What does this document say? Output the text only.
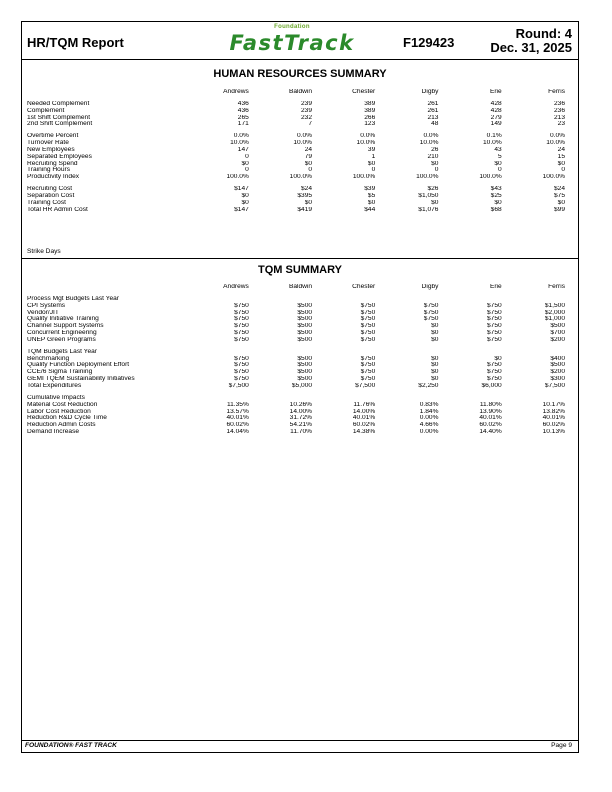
HR/TQM Report
Foundation
FastTrack	F129423
Round: 4
Dec. 31, 2025
HUMAN RESOURCES SUMMARY
	Andrews	Baldwin	Chester	Digby	Erie	Ferris

Needed Complement	436	239	389	261	428	236
Complement	436	239	389	261	428	236
1st Shift Complement	265	232	266	213	279	213
2nd Shift Complement	171	7	123	48	149	23

Overtime Percent	0.0%	0.0%	0.0%	0.0%	0.1%	0.0%
Turnover Rate	10.0%	10.0%	10.0%	10.0%	10.0%	10.0%
New Employees	147	24	39	26	43	24
Separated Employees	0	79	1	210	5	15
Recruiting Spend	$0	$0	$0	$0	$0	$0
Training Hours	0	0	0	0	0	0
Productivity Index	100.0%	100.0%	100.0%	100.0%	100.0%	100.0%

Recruiting Cost	$147	$24	$39	$26	$43	$24
Separation Cost	$0	$395	$5	$1,050	$25	$75
Training Cost	$0	$0	$0	$0	$0	$0
Total HR Admin Cost	$147	$419	$44	$1,076	$68	$99
Strike Days
TQM SUMMARY
	Andrews	Baldwin	Chester	Digby	Erie	Ferris

Process Mgt Budgets Last Year						
CPI Systems	$750	$500	$750	$750	$750	$1,500
Vendor/JIT	$750	$500	$750	$750	$750	$2,000
Quality Initiative Training	$750	$500	$750	$750	$750	$1,000
Channel Support Systems	$750	$500	$750	$0	$750	$500
Concurrent Engineering	$750	$500	$750	$0	$750	$700
UNEP Green Programs	$750	$500	$750	$0	$750	$200

TQM Budgets Last Year						
Benchmarking	$750	$500	$750	$0	$0	$400
Quality Function Deployment Effort	$750	$500	$750	$0	$750	$500
CCE/6 Sigma Training	$750	$500	$750	$0	$750	$200
GEMI TQEM Sustainability Initiatives	$750	$500	$750	$0	$750	$300
Total Expenditures	$7,500	$5,000	$7,500	$2,250	$6,000	$7,500

Cumulative Impacts						
Material Cost Reduction	11.35%	10.26%	11.76%	0.83%	11.80%	10.17%
Labor Cost Reduction	13.57%	14.00%	14.00%	1.84%	13.90%	13.82%
Reduction R&D Cycle Time	40.01%	31.72%	40.01%	0.00%	40.01%	40.01%
Reduction Admin Costs	60.02%	54.21%	60.02%	4.66%	60.02%	60.02%
Demand Increase	14.04%	11.70%	14.38%	0.00%	14.40%	10.13%
FOUNDATION® FAST TRACK	Page 9
